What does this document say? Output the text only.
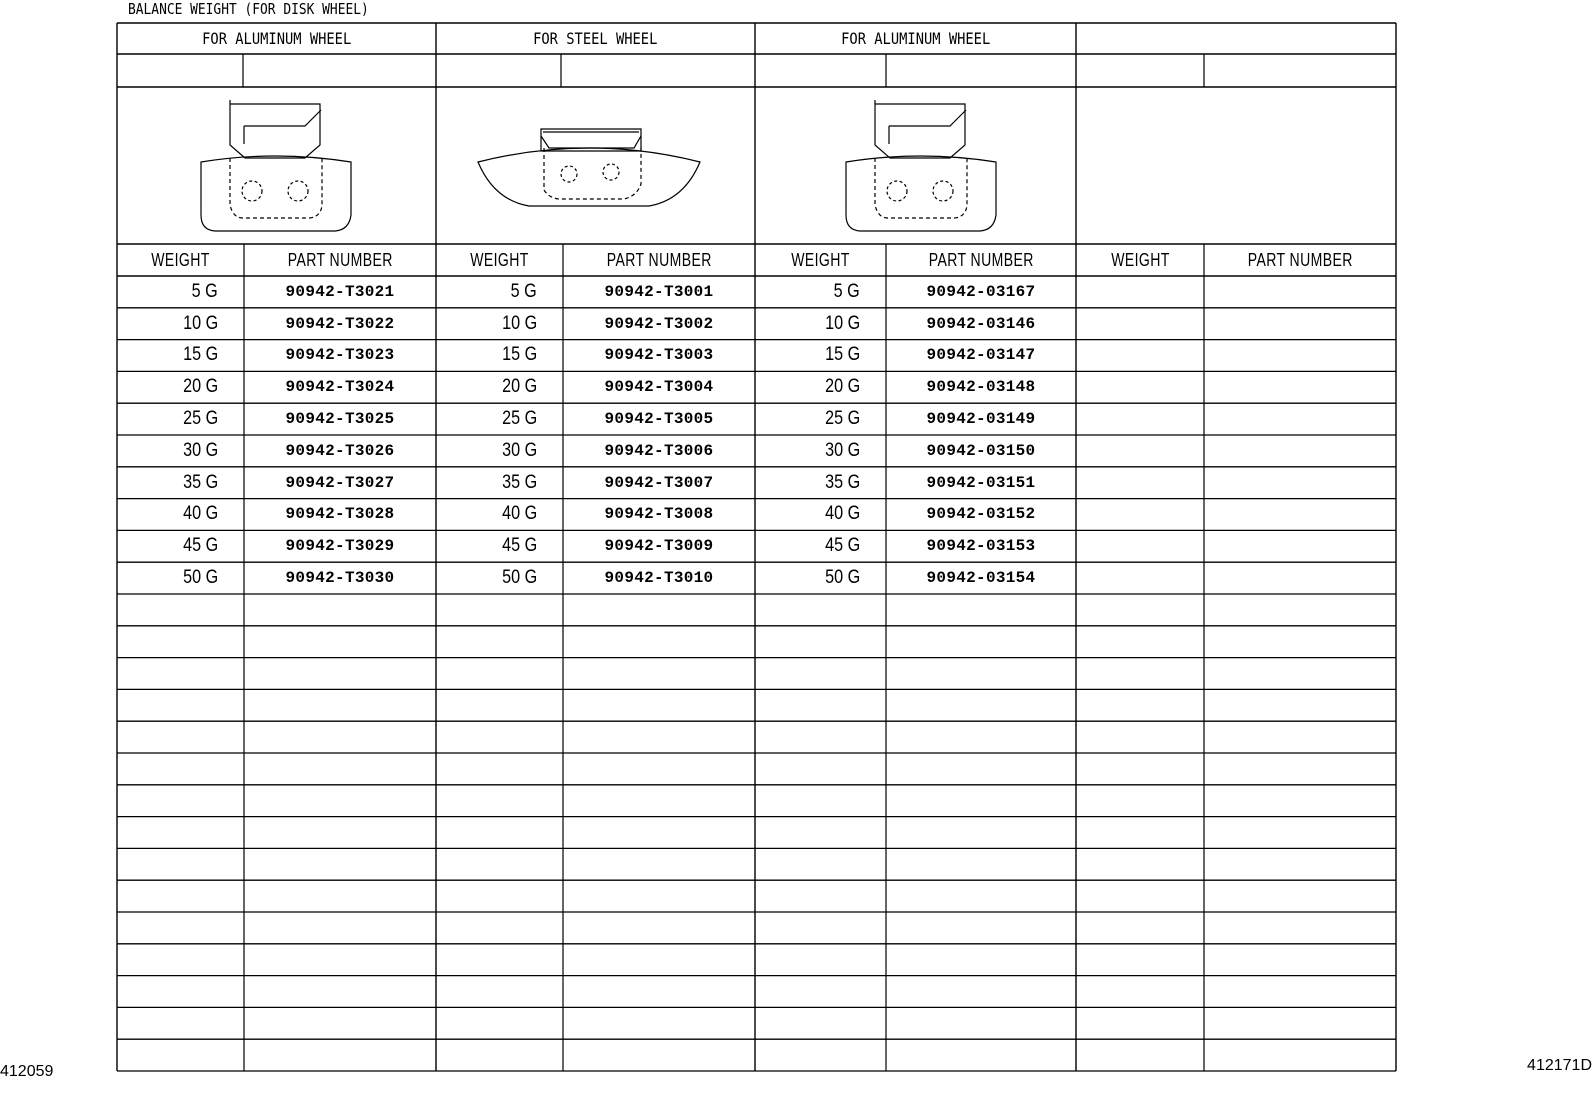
BALANCE WEIGHT (FOR DISK WHEEL)
412059	412171D
FOR ALUMINUM WHEEL
WEIGHT	PART NUMBER
5 G	90942-T3021
10 G	90942-T3022
15 G	90942-T3023
20 G	90942-T3024
25 G	90942-T3025
30 G	90942-T3026
35 G	90942-T3027
40 G	90942-T3028
45 G	90942-T3029
50 G	90942-T3030
FOR STEEL WHEEL
WEIGHT	PART NUMBER
5 G	90942-T3001
10 G	90942-T3002
15 G	90942-T3003
20 G	90942-T3004
25 G	90942-T3005
30 G	90942-T3006
35 G	90942-T3007
40 G	90942-T3008
45 G	90942-T3009
50 G	90942-T3010
FOR ALUMINUM WHEEL
WEIGHT	PART NUMBER
5 G	90942-03167
10 G	90942-03146
15 G	90942-03147
20 G	90942-03148
25 G	90942-03149
30 G	90942-03150
35 G	90942-03151
40 G	90942-03152
45 G	90942-03153
50 G	90942-03154
WEIGHT	PART NUMBER
